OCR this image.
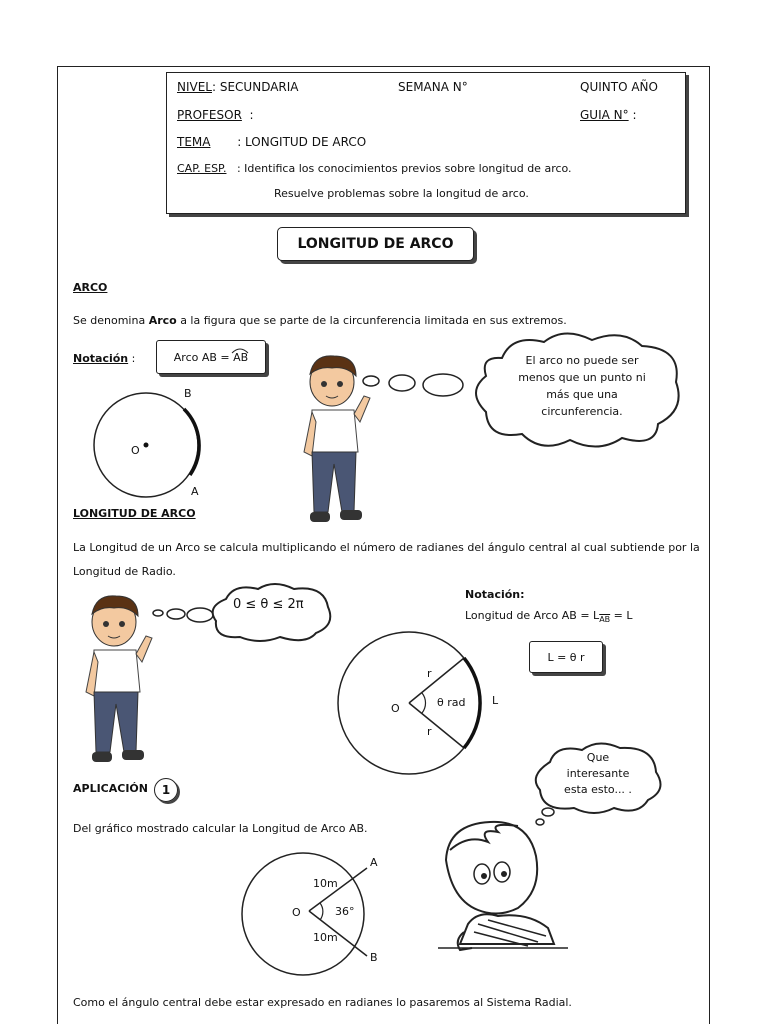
NIVEL: SECUNDARIA	SEMANA N°	QUINTO AÑO
PROFESOR :	GUIA N° :
TEMA : LONGITUD DE ARCO
CAP. ESP. : Identifica los conocimientos previos sobre longitud de arco.
Resuelve problemas sobre la longitud de arco.
LONGITUD DE ARCO
ARCO
Se denomina Arco a la figura que se parte de la circunferencia limitada en sus extremos.
Notación :	Arco AB = AB
B
A
O
El arco no puede ser
menos que un punto ni
más que una
circunferencia.
LONGITUD DE ARCO
La Longitud de un Arco se calcula multiplicando el número de radianes del ángulo central al cual subtiende por la
Longitud de Radio.
0 ≤ θ ≤ 2π
Notación:
Longitud de Arco AB = $L_{\overline{AB}} = L$
L = θ r
r
r
O	θ rad L
APLICACIÓN	1
Del gráfico mostrado calcular la Longitud de Arco AB.
10m
10m
36°
O
A
B
Que
interesante
esta esto... .
Como el ángulo central debe estar expresado en radianes lo pasaremos al Sistema Radial.
